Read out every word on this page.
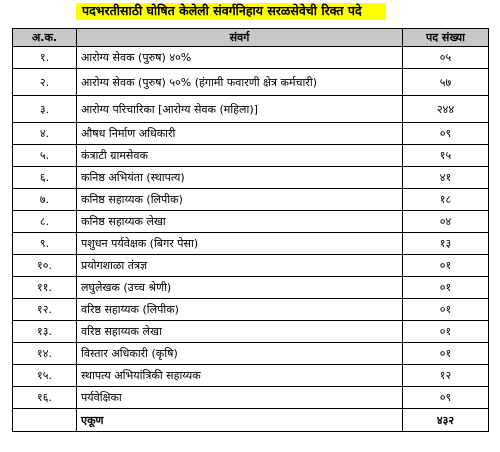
पदभरतीसाठी घोषित केलेली संवर्गनिहाय सरळसेवेची रिक्त पदे
अ.क.	संवर्ग	पद संख्या
१.	आरोग्य सेवक (पुरुष) ४०%	०५
२.	आरोग्य सेवक (पुरुष) ५०% (हंगामी फवारणी क्षेत्र कर्मचारी)	५७
३.	आरोग्य परिचारिका [आरोग्य सेवक (महिला)]	२४४
४.	औषध निर्माण अधिकारी	०९
५.	कंत्राटी ग्रामसेवक	१५
६.	कनिष्ठ अभियंता (स्थापत्य)	४१
७.	कनिष्ठ सहाय्यक (लिपीक)	१८
८.	कनिष्ठ सहाय्यक लेखा	०४
९.	पशुधन पर्यवेक्षक (बिगर पेसा)	१३
१०.	प्रयोगशाळा तंत्रज्ञ	०१
११.	लघुलेखक (उच्च श्रेणी)	०१
१२.	वरिष्ठ सहाय्यक (लिपीक)	०१
१३.	वरिष्ठ सहाय्यक लेखा	०१
१४.	विस्तार अधिकारी (कृषि)	०१
१५.	स्थापत्य अभियांत्रिकी सहाय्यक	१२
१६.	पर्यवेक्षिका	०९
	एकूण	४३२
